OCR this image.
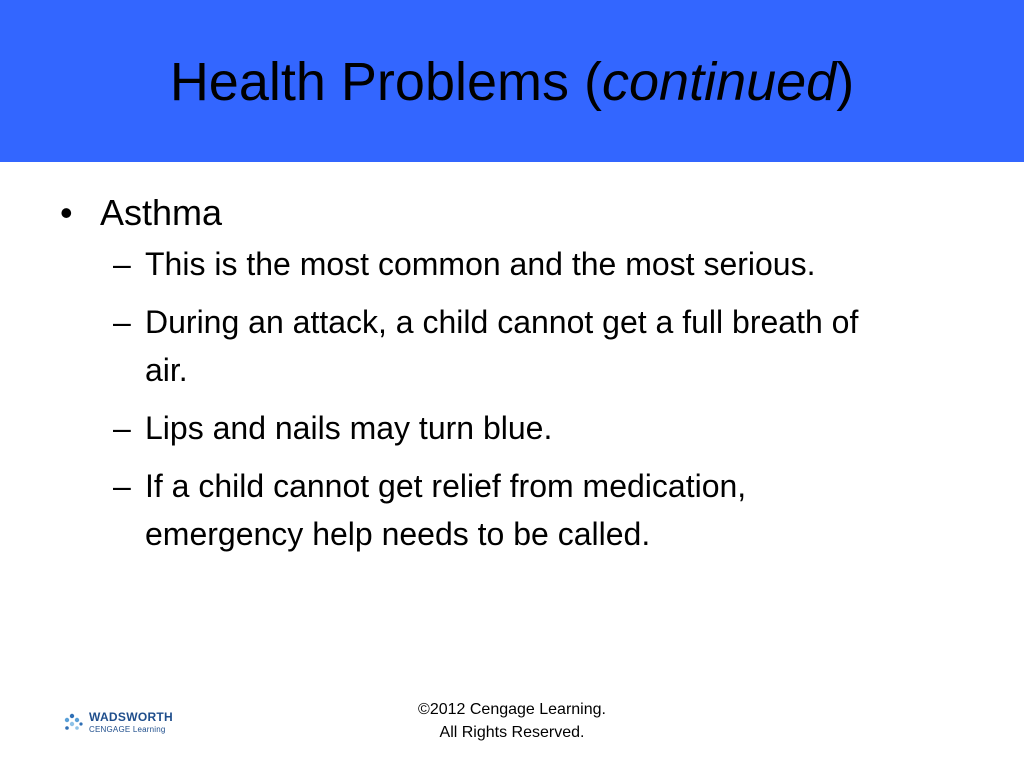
Health Problems (continued)
• Asthma
– This is the most common and the most serious.
– During an attack, a child cannot get a full breath of air.
– Lips and nails may turn blue.
– If a child cannot get relief from medication, emergency help needs to be called.
WADSWORTH
CENGAGE Learning
©2012 Cengage Learning.
All Rights Reserved.
